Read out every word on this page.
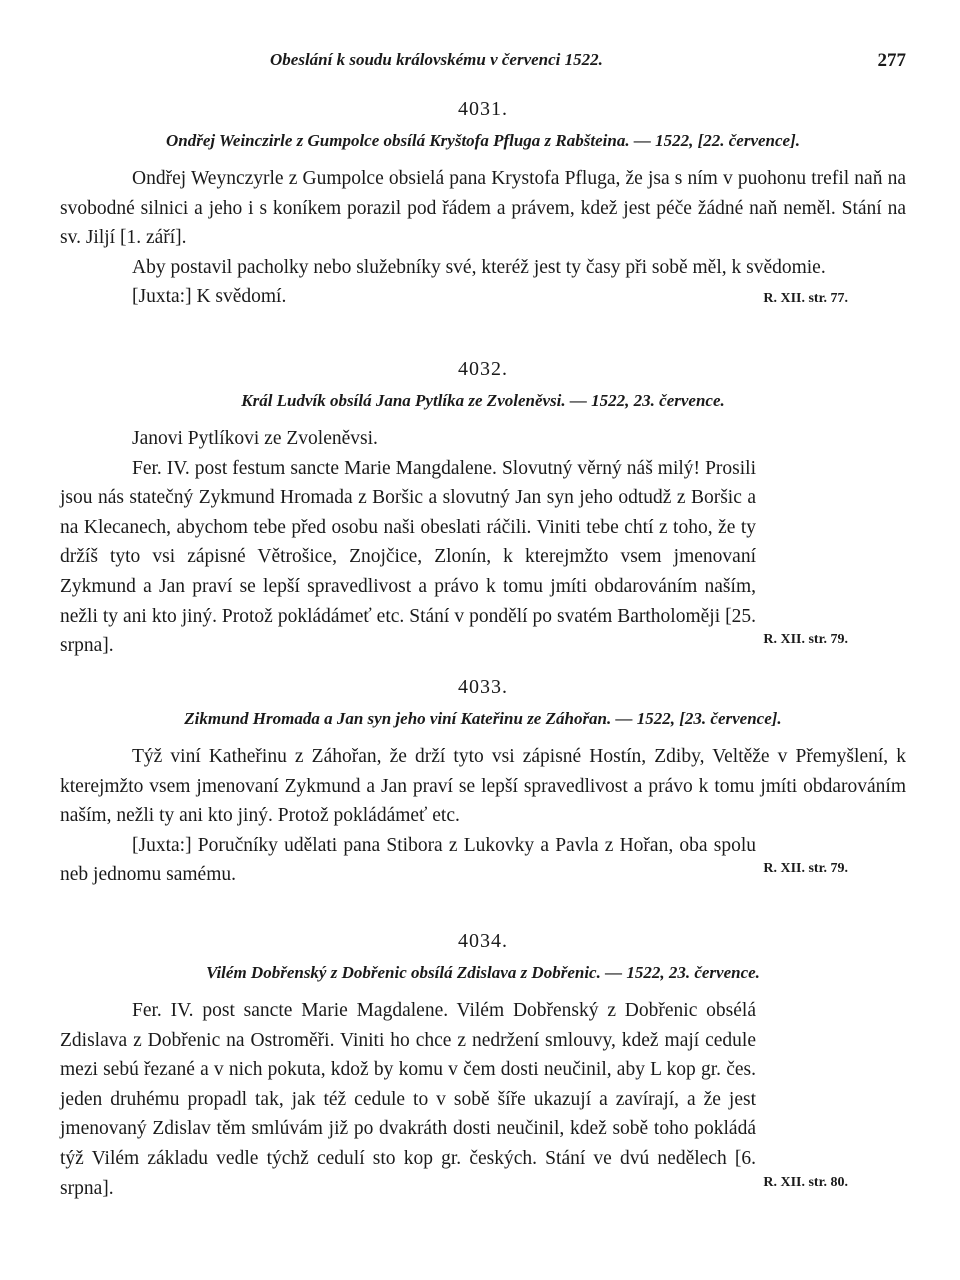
Obeslání k soudu královskému v červenci 1522.	277
4031.
Ondřej Weinczirle z Gumpolce obsílá Kryštofa Pfluga z Rabšteina. — 1522, [22. července].

Ondřej Weynczyrle z Gumpolce obsielá pana Krystofa Pfluga, že jsa s ním v puohonu trefil naň na svobodné silnici a jeho i s koníkem porazil pod řádem a právem, kdež jest péče žádné naň neměl. Stání na sv. Jiljí [1. září].

Aby postavil pacholky nebo služebníky své, kteréž jest ty časy při sobě měl, k svědomie.

[Juxta:] K svědomí.	R. XII. str. 77.
4032.
Král Ludvík obsílá Jana Pytlíka ze Zvoleněvsi. — 1522, 23. července.

Janovi Pytlíkovi ze Zvoleněvsi.

Fer. IV. post festum sancte Marie Mangdalene. Slovutný věrný náš milý! Prosili jsou nás statečný Zykmund Hromada z Boršic a slovutný Jan syn jeho odtudž z Boršic a na Klecanech, abychom tebe před osobu naši obeslati ráčili. Viniti tebe chtí z toho, že ty držíš tyto vsi zápisné Větrošice, Znojčice, Zlonín, k kterejmžto vsem jmenovaní Zykmund a Jan praví se lepší spravedlivost a právo k tomu jmíti obdarováním naším, nežli ty ani kto jiný. Protož pokládámeť etc. Stání v pondělí po svatém Bartholoměji [25. srpna].	R. XII. str. 79.
4033.
Zikmund Hromada a Jan syn jeho viní Kateřinu ze Záhořan. — 1522, [23. července].

Týž viní Katheřinu z Záhořan, že drží tyto vsi zápisné Hostín, Zdiby, Veltěže v Přemyšlení, k kterejmžto vsem jmenovaní Zykmund a Jan praví se lepší spravedlivost a právo k tomu jmíti obdarováním naším, nežli ty ani kto jiný. Protož pokládámeť etc.

[Juxta:] Poručníky udělati pana Stibora z Lukovky a Pavla z Hořan, oba spolu neb jednomu samému.	R. XII. str. 79.
4034.
Vilém Dobřenský z Dobřenic obsílá Zdislava z Dobřenic. — 1522, 23. července.

Fer. IV. post sancte Marie Magdalene. Vilém Dobřenský z Dobřenic obsélá Zdislava z Dobřenic na Ostroměři. Viniti ho chce z nedržení smlouvy, kdež mají cedule mezi sebú řezané a v nich pokuta, kdož by komu v čem dosti neučinil, aby L kop gr. čes. jeden druhému propadl tak, jak též cedule to v sobě šíře ukazují a zavírají, a že jest jmenovaný Zdislav těm smlúvám již po dvakráth dosti neučinil, kdež sobě toho pokládá týž Vilém základu vedle týchž cedulí sto kop gr. českých. Stání ve dvú nedělech [6. srpna].	R. XII. str. 80.
